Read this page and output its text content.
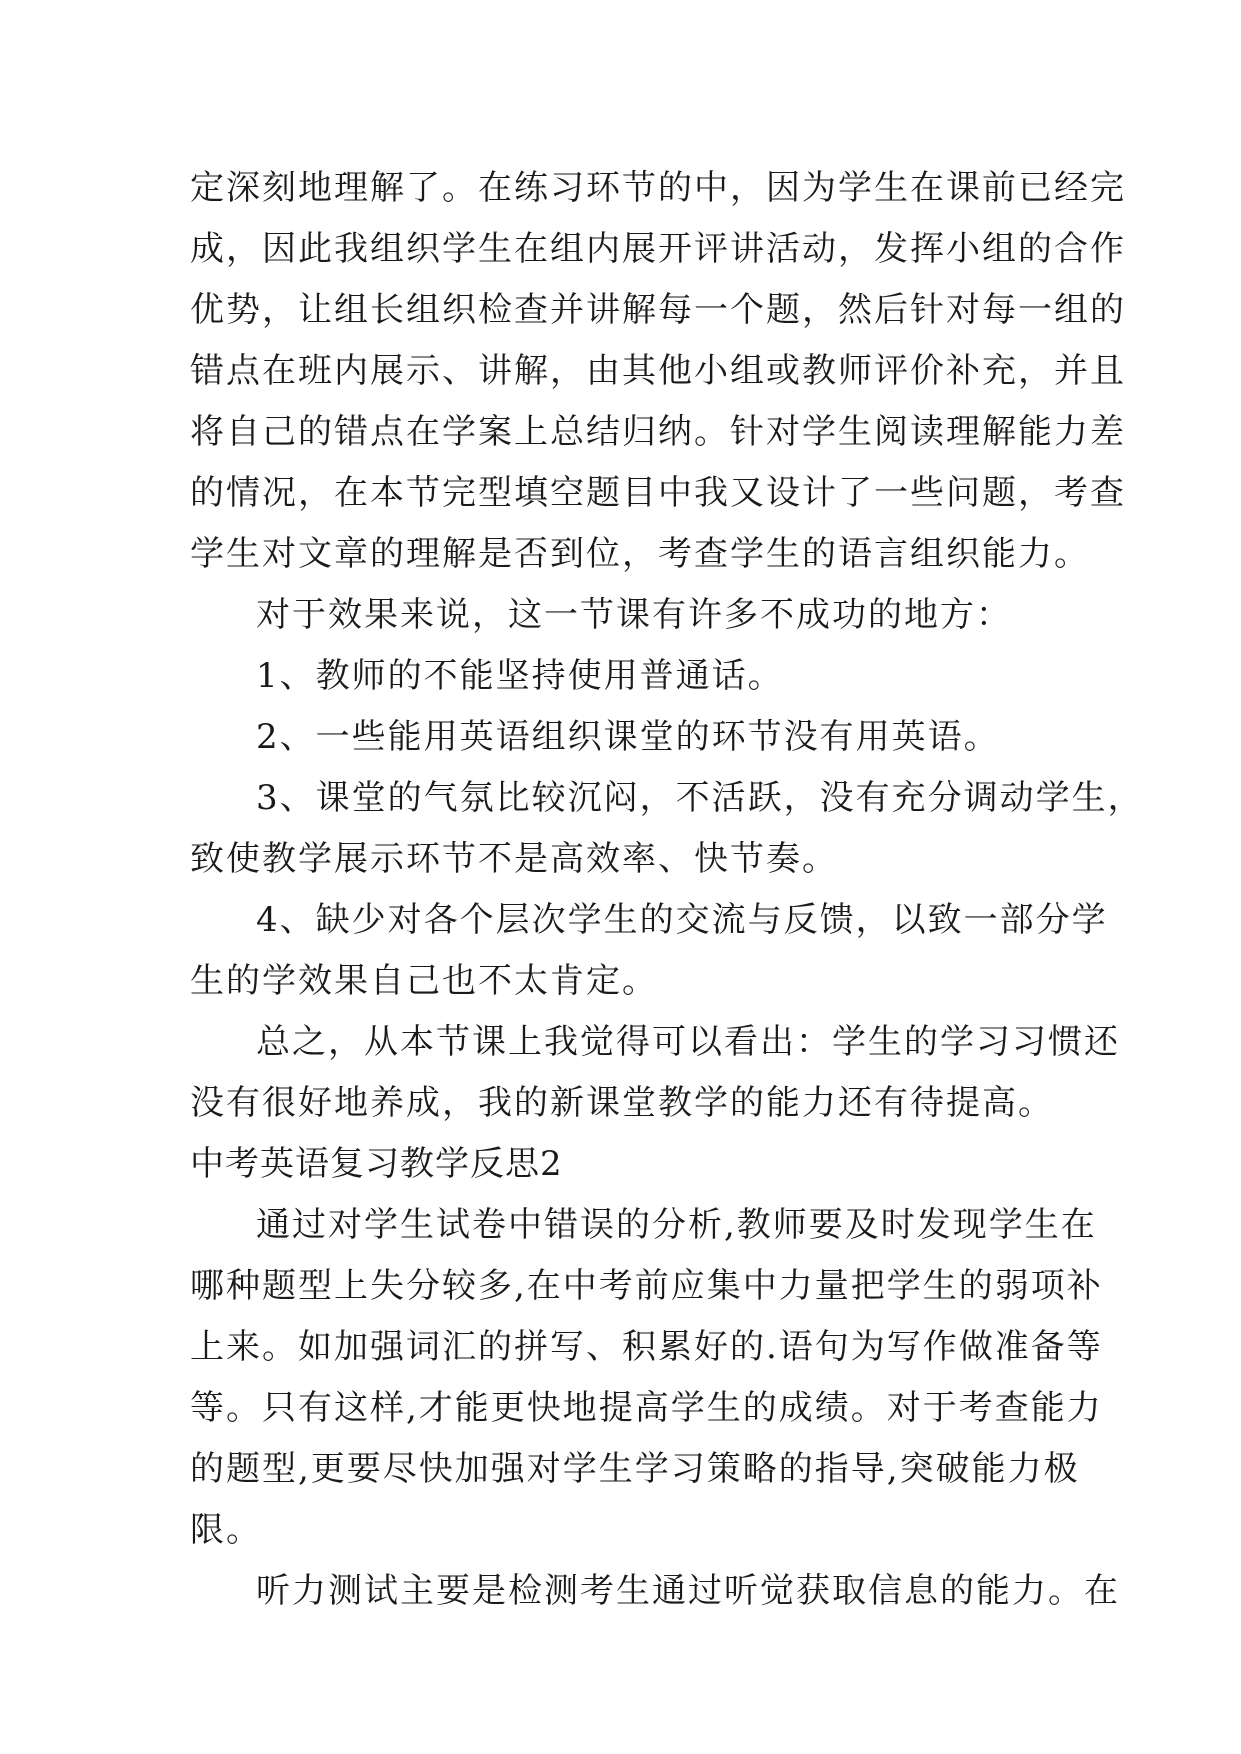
定深刻地理解了。在练习环节的中，因为学生在课前已经完
成，因此我组织学生在组内展开评讲活动，发挥小组的合作
优势，让组长组织检查并讲解每一个题，然后针对每一组的
错点在班内展示、讲解，由其他小组或教师评价补充，并且
将自己的错点在学案上总结归纳。针对学生阅读理解能力差
的情况，在本节完型填空题目中我又设计了一些问题，考查
学生对文章的理解是否到位，考查学生的语言组织能力。
对于效果来说，这一节课有许多不成功的地方：
1、教师的不能坚持使用普通话。
2、一些能用英语组织课堂的环节没有用英语。
3、课堂的气氛比较沉闷，不活跃，没有充分调动学生，
致使教学展示环节不是高效率、快节奏。
4、缺少对各个层次学生的交流与反馈，以致一部分学
生的学效果自己也不太肯定。
总之，从本节课上我觉得可以看出：学生的学习习惯还
没有很好地养成，我的新课堂教学的能力还有待提高。
中考英语复习教学反思2
通过对学生试卷中错误的分析,教师要及时发现学生在
哪种题型上失分较多,在中考前应集中力量把学生的弱项补
上来。如加强词汇的拼写、积累好的.语句为写作做准备等
等。只有这样,才能更快地提高学生的成绩。对于考查能力
的题型,更要尽快加强对学生学习策略的指导,突破能力极
限。
听力测试主要是检测考生通过听觉获取信息的能力。在
